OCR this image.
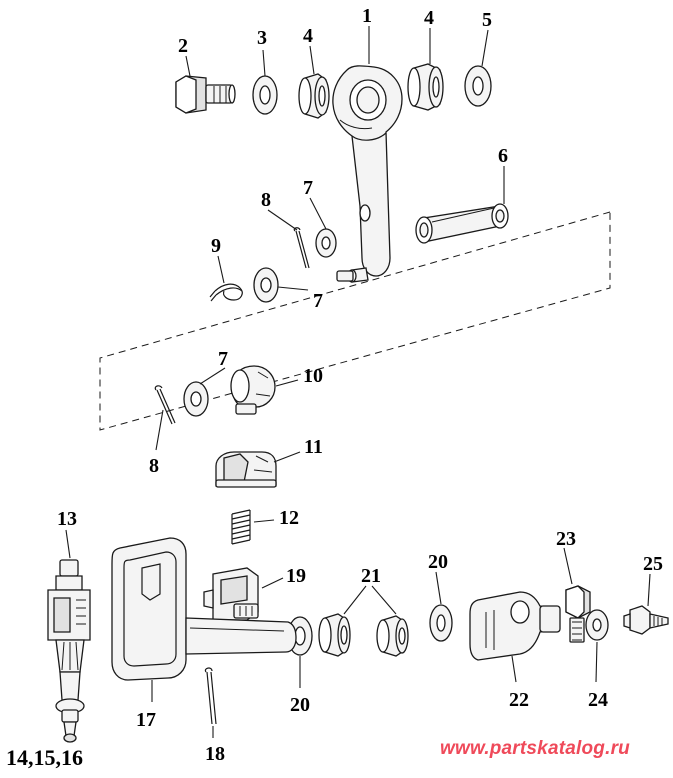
1
2	3 4
4 5
6
7
7
7
8
8
9
10
11
12
13
14,15,16
17
18
19
20
20
21
22
23
24
25
www.partskatalog.ru
